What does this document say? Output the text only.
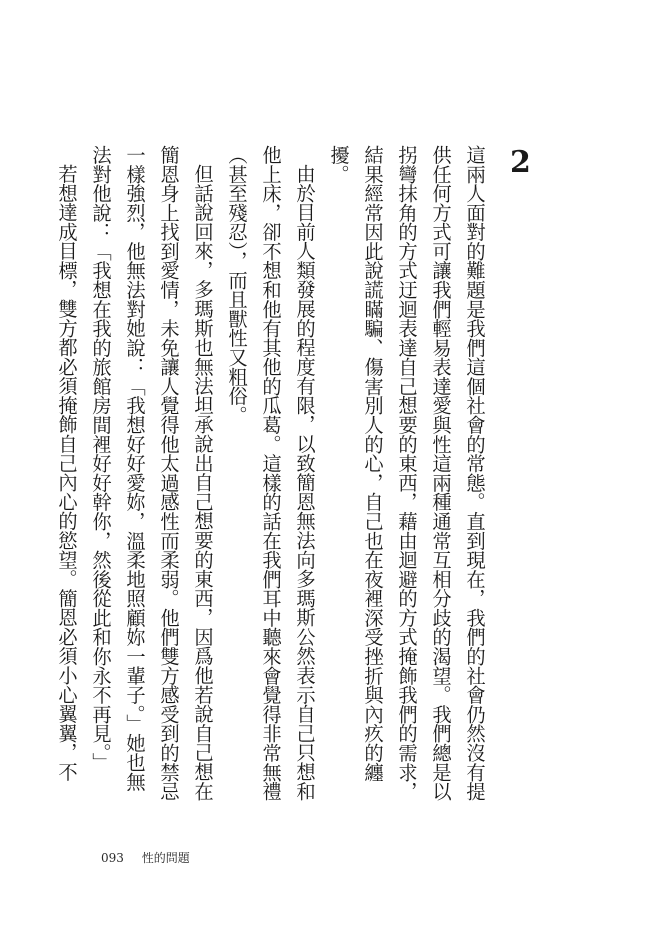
2

這兩人面對的難題是我們這個社會的常態。直到現在，我們的社會仍然沒有提供任何方式可讓我們輕易表達愛與性這兩種通常互相分歧的渴望。我們總是以拐彎抹角的方式迂迴表達自己想要的東西，藉由迴避的方式掩飾我們的需求，結果經常因此說謊瞞騙、傷害別人的心，自己也在夜裡深受挫折與內疚的纏擾。

由於目前人類發展的程度有限，以致簡恩無法向多瑪斯公然表示自己只想和他上床，卻不想和他有其他的瓜葛。這樣的話在我們耳中聽來會覺得非常無禮（甚至殘忍），而且獸性又粗俗。

但話說回來，多瑪斯也無法坦承說出自己想要的東西，因爲他若說自己想在簡恩身上找到愛情，未免讓人覺得他太過感性而柔弱。他們雙方感受到的禁忌一樣強烈，他無法對她說：「我想好好愛妳，溫柔地照顧妳一輩子。」她也無法對他說：「我想在我的旅館房間裡好好幹你，然後從此和你永不再見。」

若想達成目標，雙方都必須掩飾自己內心的慾望。簡恩必須小心翼翼，不

093 性的問題
